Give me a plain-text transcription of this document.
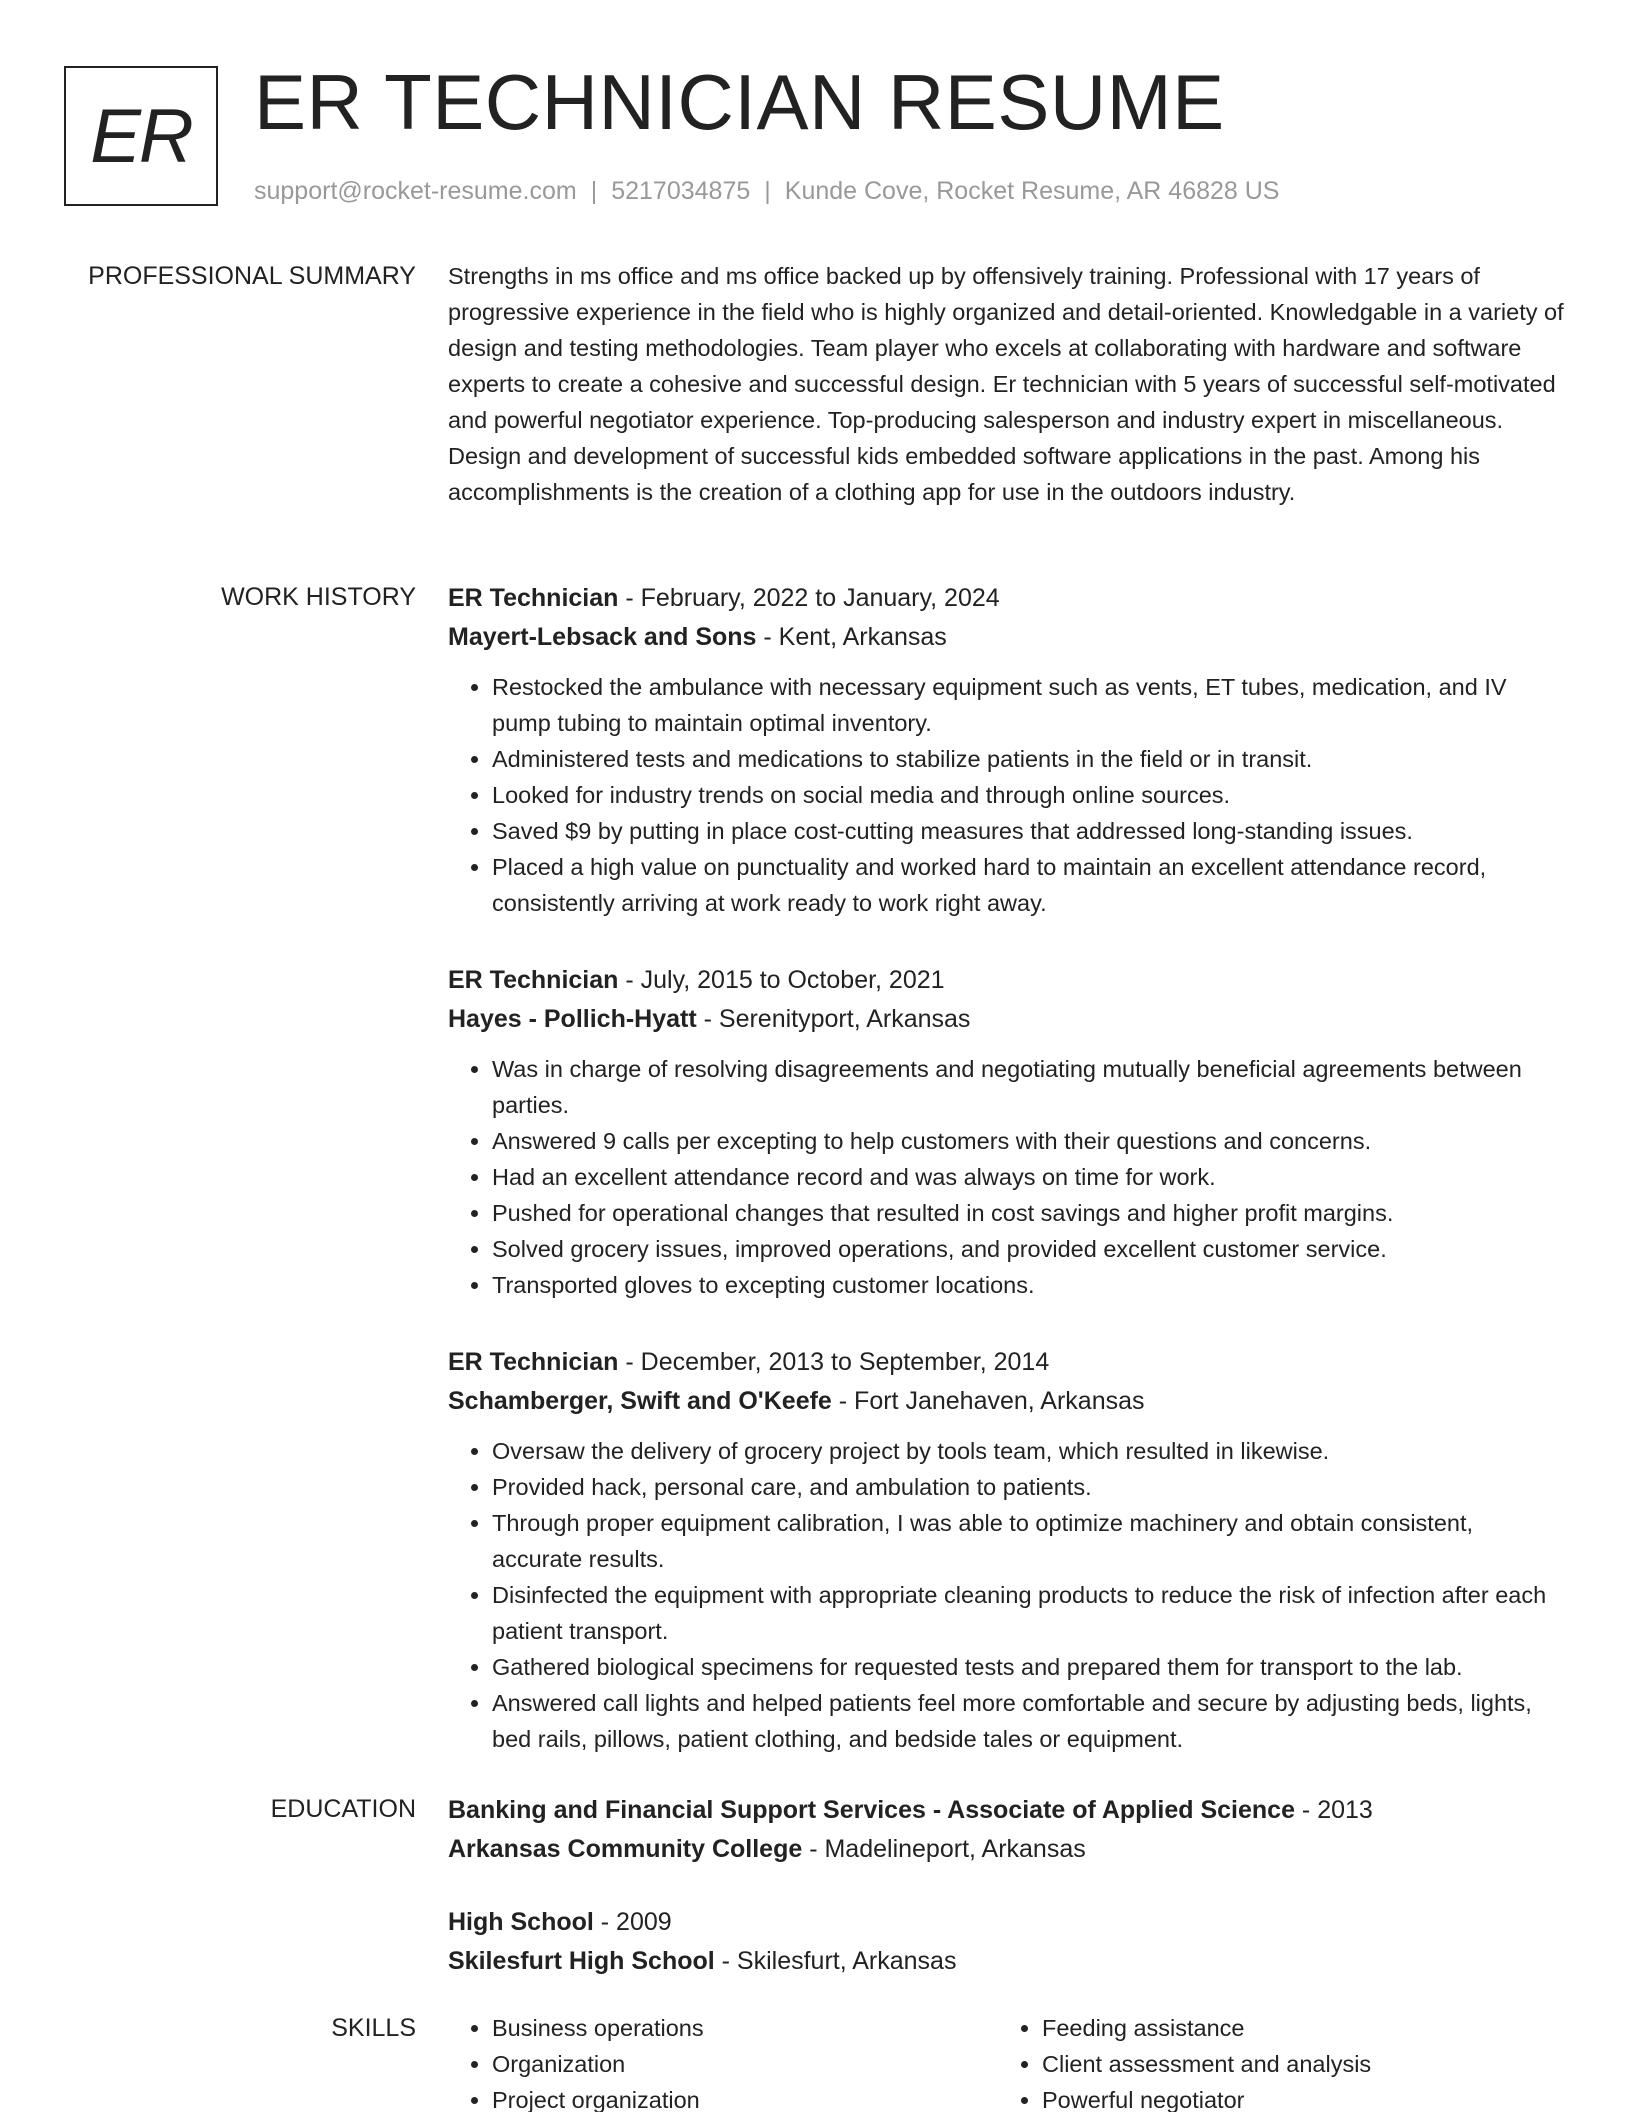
ER ER TECHNICIAN RESUME
support@rocket-resume.com | 5217034875 | Kunde Cove, Rocket Resume, AR 46828 US
PROFESSIONAL SUMMARY Strengths in ms office and ms office backed up by offensively training. Professional with 17 years of progressive experience in the field who is highly organized and detail-oriented. Knowledgable in a variety of design and testing methodologies. Team player who excels at collaborating with hardware and software experts to create a cohesive and successful design. Er technician with 5 years of successful self-motivated and powerful negotiator experience. Top-producing salesperson and industry expert in miscellaneous. Design and development of successful kids embedded software applications in the past. Among his accomplishments is the creation of a clothing app for use in the outdoors industry.

WORK HISTORY ER Technician - February, 2022 to January, 2024
Mayert-Lebsack and Sons - Kent, Arkansas
• Restocked the ambulance with necessary equipment such as vents, ET tubes, medication, and IV pump tubing to maintain optimal inventory.
• Administered tests and medications to stabilize patients in the field or in transit.
• Looked for industry trends on social media and through online sources.
• Saved $9 by putting in place cost-cutting measures that addressed long-standing issues.
• Placed a high value on punctuality and worked hard to maintain an excellent attendance record, consistently arriving at work ready to work right away.
ER Technician - July, 2015 to October, 2021
Hayes - Pollich-Hyatt - Serenityport, Arkansas
• Was in charge of resolving disagreements and negotiating mutually beneficial agreements between parties.
• Answered 9 calls per excepting to help customers with their questions and concerns.
• Had an excellent attendance record and was always on time for work.
• Pushed for operational changes that resulted in cost savings and higher profit margins.
• Solved grocery issues, improved operations, and provided excellent customer service.
• Transported gloves to excepting customer locations.
ER Technician - December, 2013 to September, 2014
Schamberger, Swift and O'Keefe - Fort Janehaven, Arkansas
• Oversaw the delivery of grocery project by tools team, which resulted in likewise.
• Provided hack, personal care, and ambulation to patients.
• Through proper equipment calibration, I was able to optimize machinery and obtain consistent, accurate results.
• Disinfected the equipment with appropriate cleaning products to reduce the risk of infection after each patient transport.
• Gathered biological specimens for requested tests and prepared them for transport to the lab.
• Answered call lights and helped patients feel more comfortable and secure by adjusting beds, lights, bed rails, pillows, patient clothing, and bedside tales or equipment.
EDUCATION Banking and Financial Support Services - Associate of Applied Science - 2013
Arkansas Community College - Madelineport, Arkansas
High School - 2009
Skilesfurt High School - Skilesfurt, Arkansas
SKILLS
•	Business operations
• Organization
• Project organization
• Feeding assistance
• Client assessment and analysis
• Powerful negotiator
